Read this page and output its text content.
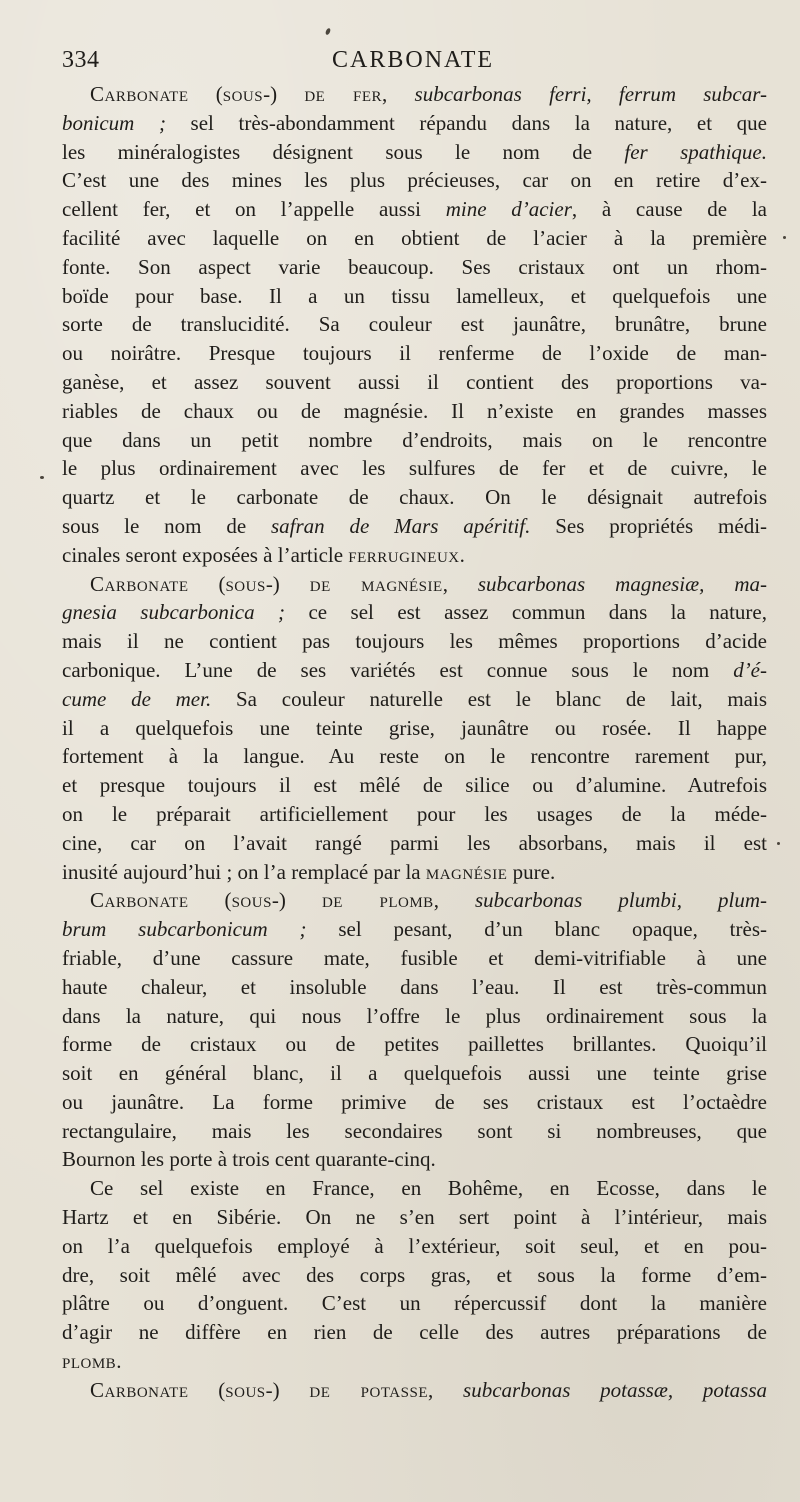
334	CARBONATE
Carbonate (sous-) de fer, subcarbonas ferri, ferrum subcar-
bonicum ; sel très-abondamment répandu dans la nature, et que
les minéralogistes désignent sous le nom de fer spathique.
C’est une des mines les plus précieuses, car on en retire d’ex-
cellent fer, et on l’appelle aussi mine d’acier, à cause de la
facilité avec laquelle on en obtient de l’acier à la première
fonte. Son aspect varie beaucoup. Ses cristaux ont un rhom-
boïde pour base. Il a un tissu lamelleux, et quelquefois une
sorte de translucidité. Sa couleur est jaunâtre, brunâtre, brune
ou noirâtre. Presque toujours il renferme de l’oxide de man-
ganèse, et assez souvent aussi il contient des proportions va-
riables de chaux ou de magnésie. Il n’existe en grandes masses
que dans un petit nombre d’endroits, mais on le rencontre
le plus ordinairement avec les sulfures de fer et de cuivre, le
quartz et le carbonate de chaux. On le désignait autrefois
sous le nom de safran de Mars apéritif. Ses propriétés médi-
cinales seront exposées à l’article ferrugineux.
Carbonate (sous-) de magnésie, subcarbonas magnesiæ, ma-
gnesia subcarbonica ; ce sel est assez commun dans la nature,
mais il ne contient pas toujours les mêmes proportions d’acide
carbonique. L’une de ses variétés est connue sous le nom d’é-
cume de mer. Sa couleur naturelle est le blanc de lait, mais
il a quelquefois une teinte grise, jaunâtre ou rosée. Il happe
fortement à la langue. Au reste on le rencontre rarement pur,
et presque toujours il est mêlé de silice ou d’alumine. Autrefois
on le préparait artificiellement pour les usages de la méde-
cine, car on l’avait rangé parmi les absorbans, mais il est
inusité aujourd’hui ; on l’a remplacé par la magnésie pure.
Carbonate (sous-) de plomb, subcarbonas plumbi, plum-
brum subcarbonicum ; sel pesant, d’un blanc opaque, très-
friable, d’une cassure mate, fusible et demi-vitrifiable à une
haute chaleur, et insoluble dans l’eau. Il est très-commun
dans la nature, qui nous l’offre le plus ordinairement sous la
forme de cristaux ou de petites paillettes brillantes. Quoiqu’il
soit en général blanc, il a quelquefois aussi une teinte grise
ou jaunâtre. La forme primive de ses cristaux est l’octaèdre
rectangulaire, mais les secondaires sont si nombreuses, que
Bournon les porte à trois cent quarante-cinq.
Ce sel existe en France, en Bohême, en Ecosse, dans le
Hartz et en Sibérie. On ne s’en sert point à l’intérieur, mais
on l’a quelquefois employé à l’extérieur, soit seul, et en pou-
dre, soit mêlé avec des corps gras, et sous la forme d’em-
plâtre ou d’onguent. C’est un répercussif dont la manière
d’agir ne diffère en rien de celle des autres préparations de
plomb.
Carbonate (sous-) de potasse, subcarbonas potassæ, potassa
